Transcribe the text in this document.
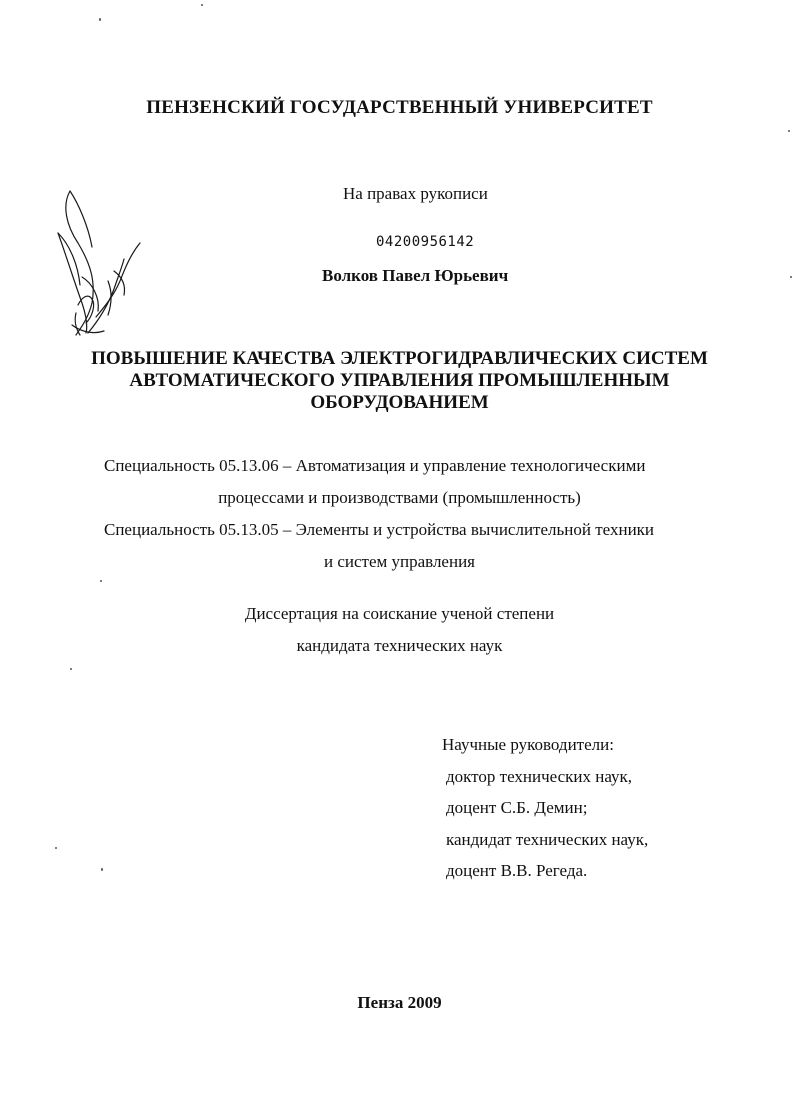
ПЕНЗЕНСКИЙ ГОСУДАРСТВЕННЫЙ УНИВЕРСИТЕТ
На правах рукописи
04200956142
Волков Павел Юрьевич
ПОВЫШЕНИЕ КАЧЕСТВА ЭЛЕКТРОГИДРАВЛИЧЕСКИХ СИСТЕМ
АВТОМАТИЧЕСКОГО УПРАВЛЕНИЯ ПРОМЫШЛЕННЫМ
ОБОРУДОВАНИЕМ
Специальность 05.13.06 – Автоматизация и управление технологическими
процессами и производствами (промышленность)
Специальность 05.13.05 – Элементы и устройства вычислительной техники
и систем управления
Диссертация на соискание ученой степени
кандидата технических наук
Научные руководители:
доктор технических наук,
доцент С.Б. Демин;
кандидат технических наук,
доцент В.В. Регеда.
Пенза 2009
